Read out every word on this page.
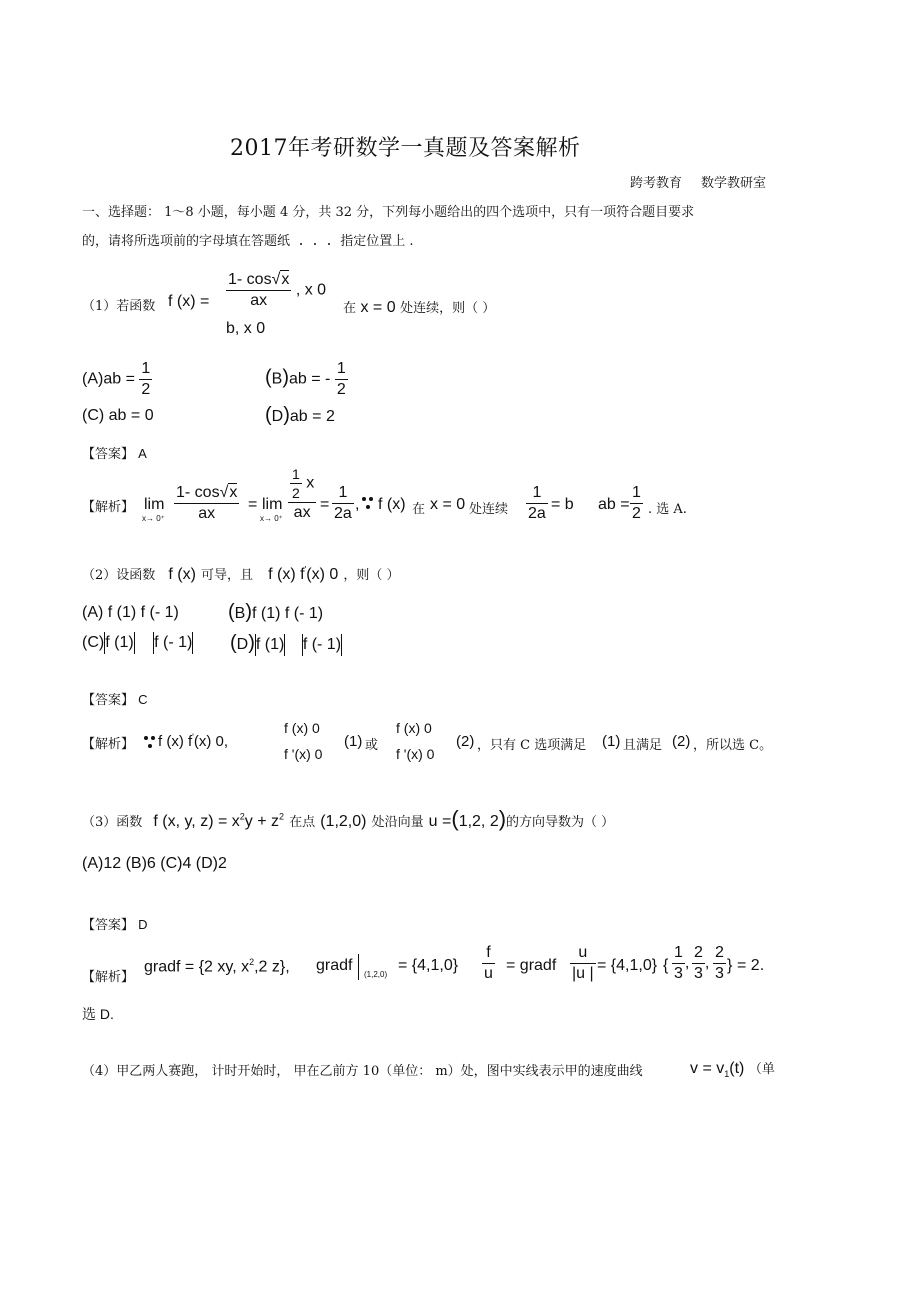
2017年考研数学一真题及答案解析
跨考教育 数学教研室
一、选择题： 1～8 小题，每小题 4 分，共 32 分，下列每小题给出的四个选项中，只有一项符合题目要求
的，请将所选项前的字母填在答题纸	指定位置上 .
（1）若函数 f $(x) = \frac{1- \cos√x}{ax}$ , x 0
在 x = 0 处连续，则（ ）
b, x 0
$(A)ab = \frac{1}{2}$	(B)ab = - $\frac{1}{2}$
(C) ab = 0	(D)ab = 2
【答案】 A
【解析】 lim
$x\to 0^+ \frac{1- \cos√x}{ax} = \lim$
$x\to 0^+ \frac{\frac{1}{2} x}{ax} = \frac{1}{2a}$ , f (x) 在 x = 0 处连续 $\frac{1}{2a} = b$ ab = $\frac{1}{2}$ . 选 A.
（2）设函数 f (x) 可导，且 f (x) f'(x) 0 ，则（ ）
(A) f (1) f (- 1) (B)f (1) f (- 1)
(C)f (1) f (- 1) (D)f (1) f (- 1)
【答案】 C
【解析】 f (x) f'(x) 0,
f (x) 0
f '(x) 0
(1) 或
f (x) 0
f '(x) 0
(2) ，只有 C 选项满足 (1) 且满足 (2) ，所以选 C。
（3）函数 f (x, y, $z) = x^2y + z^2$ 在点 (1,2,0) 处沿向量 u =(1,2, 2)的方向导数为（ ）
(A)12 (B)6 (C)4 (D)2
【答案】 D
【解析】
gradf = {2 xy, $x^2,2$ z}, gradf
(1,2,0)
= $\{4,1,0\} \frac{f}{u}$ = gradf $\frac{u}{|u |} = \{4,1,0\}$ { $\frac{1}{3}$ , $\frac{2}{3}$ , $\frac{2}{3}$ } = 2.
选 D.
（4）甲乙两人赛跑， 计时开始时， 甲在乙前方 10（单位： m）处，图中实线表示甲的速度曲线	$v = v_1(t)$ （单
